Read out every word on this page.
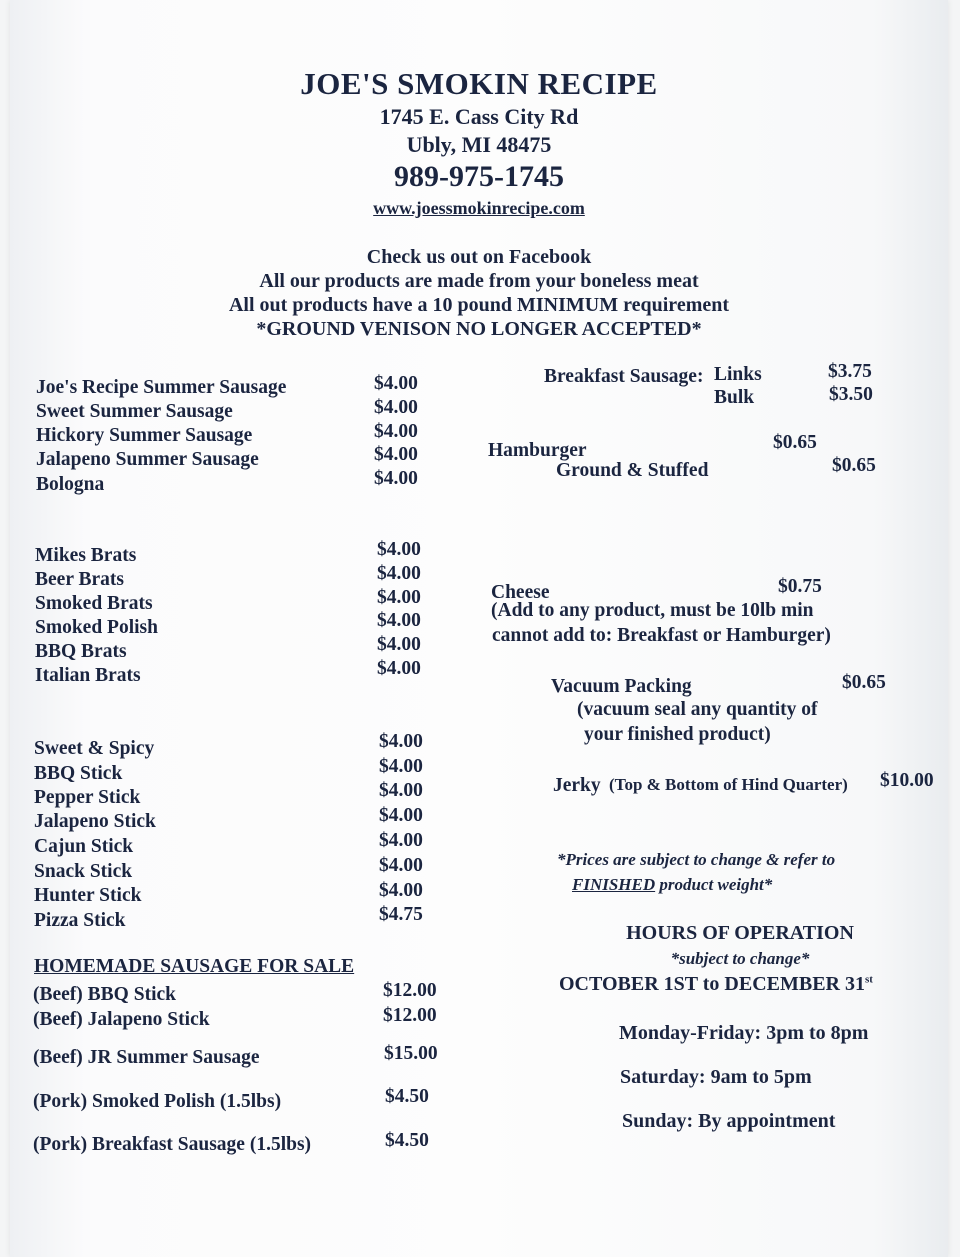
JOE'S SMOKIN RECIPE
1745 E. Cass City Rd
Ubly, MI 48475
989-975-1745
www.joessmokinrecipe.com
Check us out on Facebook
All our products are made from your boneless meat
All out products have a 10 pound MINIMUM requirement
*GROUND VENISON NO LONGER ACCEPTED*
Joe's Recipe Summer Sausage	$4.00
Sweet Summer Sausage	$4.00
Hickory Summer Sausage	$4.00
Jalapeno Summer Sausage	$4.00
Bologna	$4.00
Mikes Brats	$4.00
Beer Brats	$4.00
Smoked Brats	$4.00
Smoked Polish	$4.00
BBQ Brats	$4.00
Italian Brats	$4.00
Sweet & Spicy	$4.00
BBQ Stick	$4.00
Pepper Stick	$4.00
Jalapeno Stick	$4.00
Cajun Stick	$4.00
Snack Stick	$4.00
Hunter Stick	$4.00
Pizza Stick	$4.75
HOMEMADE SAUSAGE FOR SALE
(Beef) BBQ Stick	$12.00
(Beef) Jalapeno Stick	$12.00
(Beef) JR Summer Sausage	$15.00
(Pork) Smoked Polish (1.5lbs)	$4.50
(Pork) Breakfast Sausage (1.5lbs)	$4.50
Breakfast Sausage: Links	$3.75
Bulk	$3.50
Hamburger	$0.65
Ground & Stuffed	$0.65
Cheese	$0.75
(Add to any product, must be 10lb min
cannot add to: Breakfast or Hamburger)
Vacuum Packing	$0.65
(vacuum seal any quantity of
your finished product)
Jerky (Top & Bottom of Hind Quarter) $10.00
*Prices are subject to change & refer to
FINISHED product weight*
HOURS OF OPERATION
*subject to change*
OCTOBER 1ST to DECEMBER 31st
Monday-Friday: 3pm to 8pm
Saturday: 9am to 5pm
Sunday: By appointment
